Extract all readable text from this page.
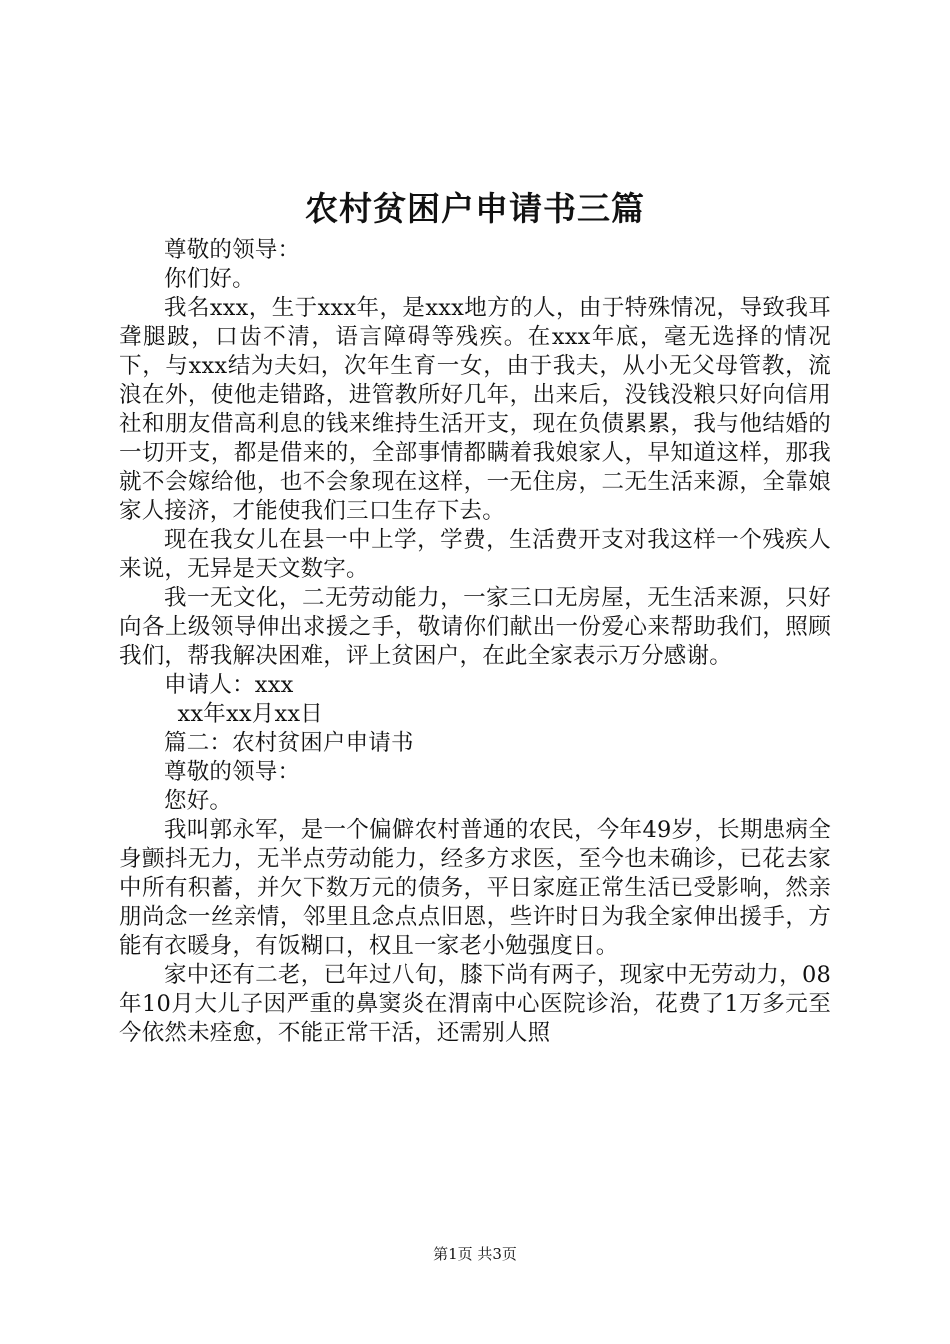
农村贫困户申请书三篇

尊敬的领导：

你们好。

我名xxx，生于xxx年，是xxx地方的人，由于特殊情况，导致我耳聋腿跛，口齿不清，语言障碍等残疾。在xxx年底，毫无选择的情况下，与xxx结为夫妇，次年生育一女，由于我夫，从小无父母管教，流浪在外，使他走错路，进管教所好几年，出来后，没钱没粮只好向信用社和朋友借高利息的钱来维持生活开支，现在负债累累，我与他结婚的一切开支，都是借来的，全部事情都瞒着我娘家人，早知道这样，那我就不会嫁给他，也不会象现在这样，一无住房，二无生活来源，全靠娘家人接济，才能使我们三口生存下去。

现在我女儿在县一中上学，学费，生活费开支对我这样一个残疾人来说，无异是天文数字。

我一无文化，二无劳动能力，一家三口无房屋，无生活来源，只好向各上级领导伸出求援之手，敬请你们献出一份爱心来帮助我们，照顾我们，帮我解决困难，评上贫困户，在此全家表示万分感谢。

申请人：xxx

xx年xx月xx日

篇二：农村贫困户申请书

尊敬的领导：

您好。

我叫郭永军，是一个偏僻农村普通的农民，今年49岁，长期患病全身颤抖无力，无半点劳动能力，经多方求医，至今也未确诊，已花去家中所有积蓄，并欠下数万元的债务，平日家庭正常生活已受影响，然亲朋尚念一丝亲情，邻里且念点点旧恩，些许时日为我全家伸出援手，方能有衣暖身，有饭糊口，权且一家老小勉强度日。

家中还有二老，已年过八旬，膝下尚有两子，现家中无劳动力，08年10月大儿子因严重的鼻窦炎在渭南中心医院诊治，花费了1万多元至今依然未痊愈，不能正常干活，还需别人照

第1页 共3页
